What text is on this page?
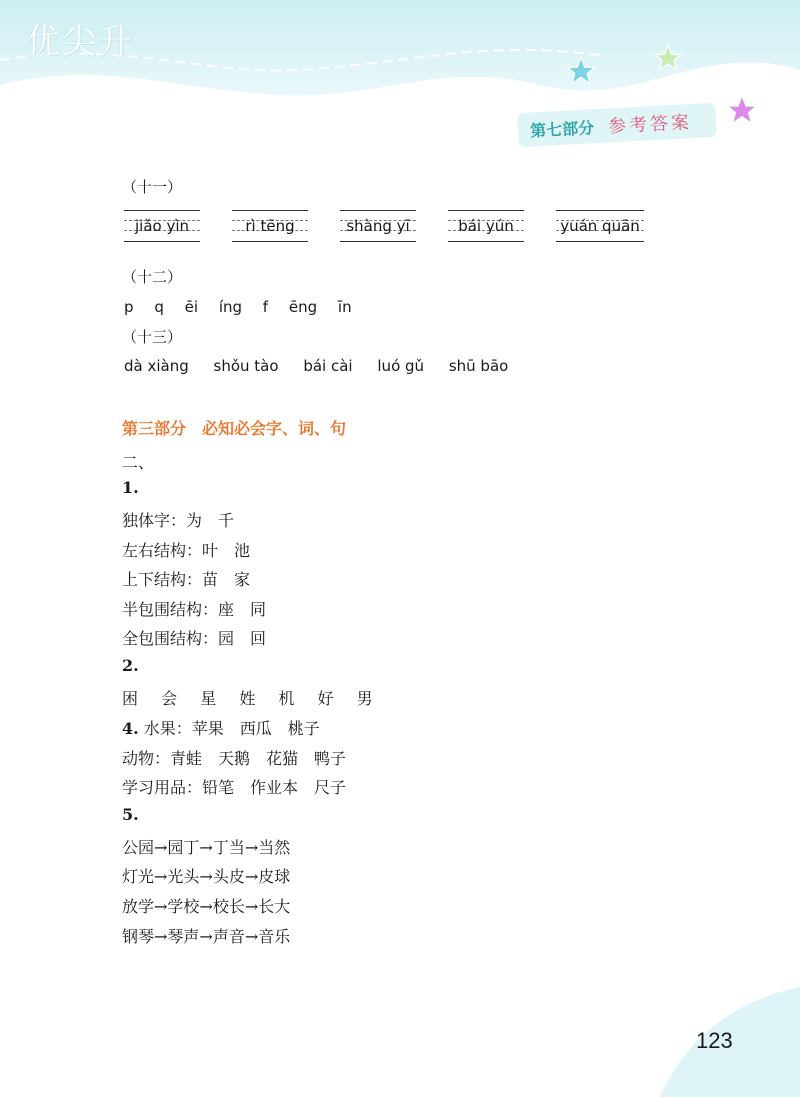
优尖升
第七部分 参考答案
（十一）
jiǎo yìn	rì tēng	shàng yī	bái yún	yuán quān
（十二）
p q ēi íng f ēng īn
（十三）
dà xiàng shǒu tào bái cài luó gǔ shū bāo
第三部分　必知必会字、词、句
二、
1.
独体字：为　千
左右结构：叶　池
上下结构：苗　家
半包围结构：座　同
全包围结构：园　回
2.
困 会 星 姓 机 好 男
4. 水果：苹果　西瓜　桃子
动物：青蛙　天鹅　花猫　鸭子
学习用品：铅笔　作业本　尺子
5.
公园→园丁→丁当→当然
灯光→光头→头皮→皮球
放学→学校→校长→长大
钢琴→琴声→声音→音乐
123
